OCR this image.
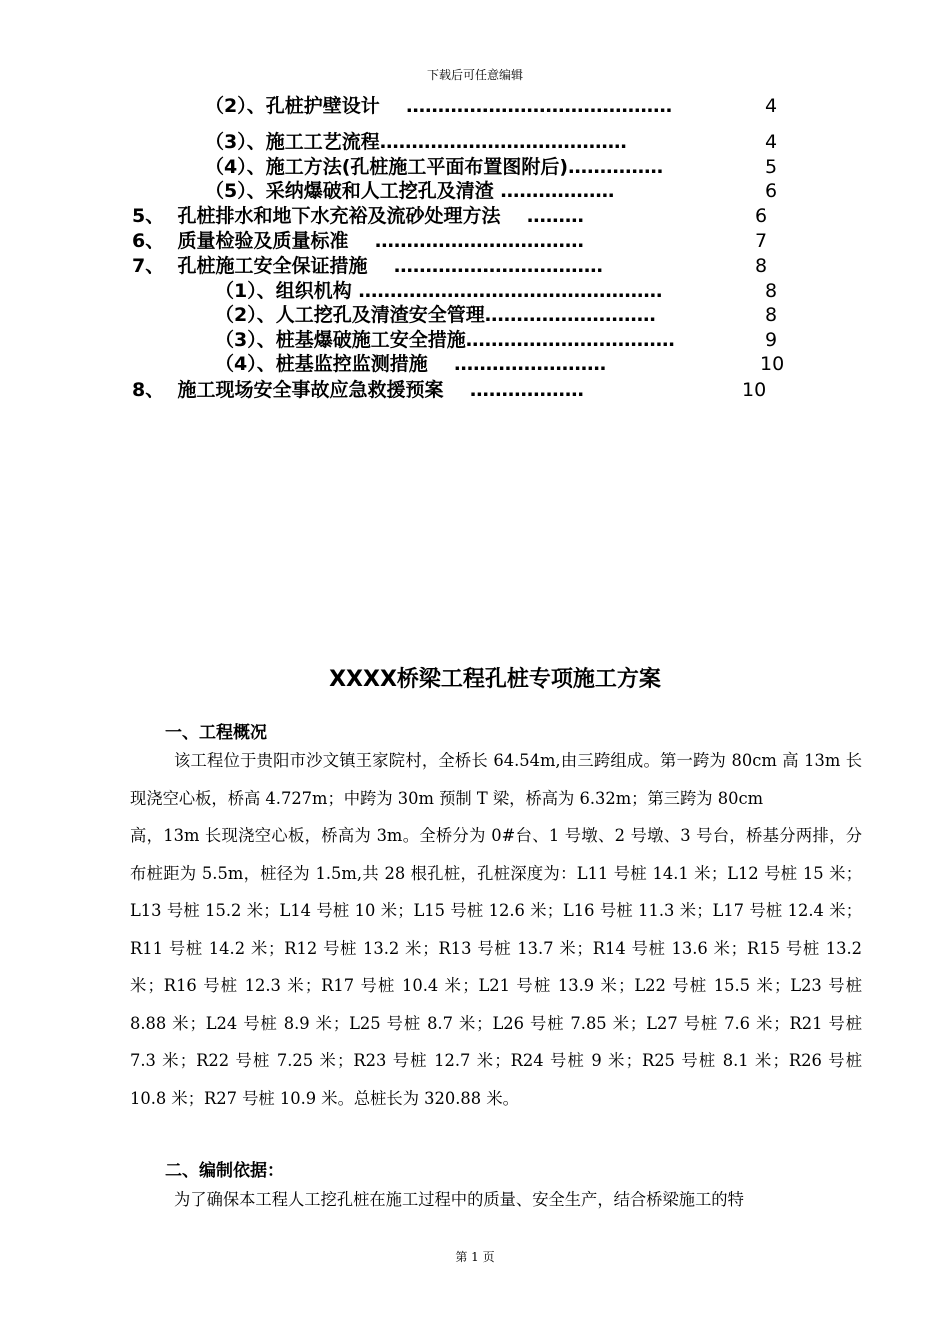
下载后可任意编辑
（2）、孔桩护壁设计    ……………………………………	4
（3）、施工工艺流程…………………………………	4
（4）、施工方法(孔桩施工平面布置图附后)……………	5
（5）、采纳爆破和人工挖孔及清渣 ………………	6
5、  孔桩排水和地下水充裕及流砂处理方法    ………	6
6、  质量检验及质量标准    ……………………………	7
7、  孔桩施工安全保证措施    ……………………………	8
（1）、组织机构 …………………………………………	8
（2）、人工挖孔及清渣安全管理………………………	8
（3）、桩基爆破施工安全措施……………………………	9
（4）、桩基监控监测措施    ……………………	10
8、  施工现场安全事故应急救援预案    ………………	10
XXXX桥梁工程孔桩专项施工方案
一、工程概况

该工程位于贵阳市沙文镇王家院村，全桥长 64.54m,由三跨组成。第一跨为 80cm 高 13m 长现浇空心板，桥高 4.727m；中跨为 30m 预制 T 梁，桥高为 6.32m；第三跨为 80cm

高，13m 长现浇空心板，桥高为 3m。全桥分为 0#台、1 号墩、2 号墩、3 号台，桥基分两排，分布桩距为 5.5m，桩径为 1.5m,共 28 根孔桩，孔桩深度为：L11 号桩 14.1 米；L12 号桩 15 米；L13 号桩 15.2 米；L14 号桩 10 米；L15 号桩 12.6 米；L16 号桩 11.3 米；L17 号桩 12.4 米；R11 号桩 14.2 米；R12 号桩 13.2 米；R13 号桩 13.7 米；R14 号桩 13.6 米；R15 号桩 13.2 米；R16 号桩 12.3 米；R17 号桩 10.4 米；L21 号桩 13.9 米；L22 号桩 15.5 米；L23 号桩 8.88 米；L24 号桩 8.9 米；L25 号桩 8.7 米；L26 号桩 7.85 米；L27 号桩 7.6 米；R21 号桩 7.3 米；R22 号桩 7.25 米；R23 号桩 12.7 米；R24 号桩 9 米；R25 号桩 8.1 米；R26 号桩 10.8 米；R27 号桩 10.9 米。总桩长为 320.88 米。

二、编制依据：

为了确保本工程人工挖孔桩在施工过程中的质量、安全生产，结合桥梁施工的特

第 1 页
